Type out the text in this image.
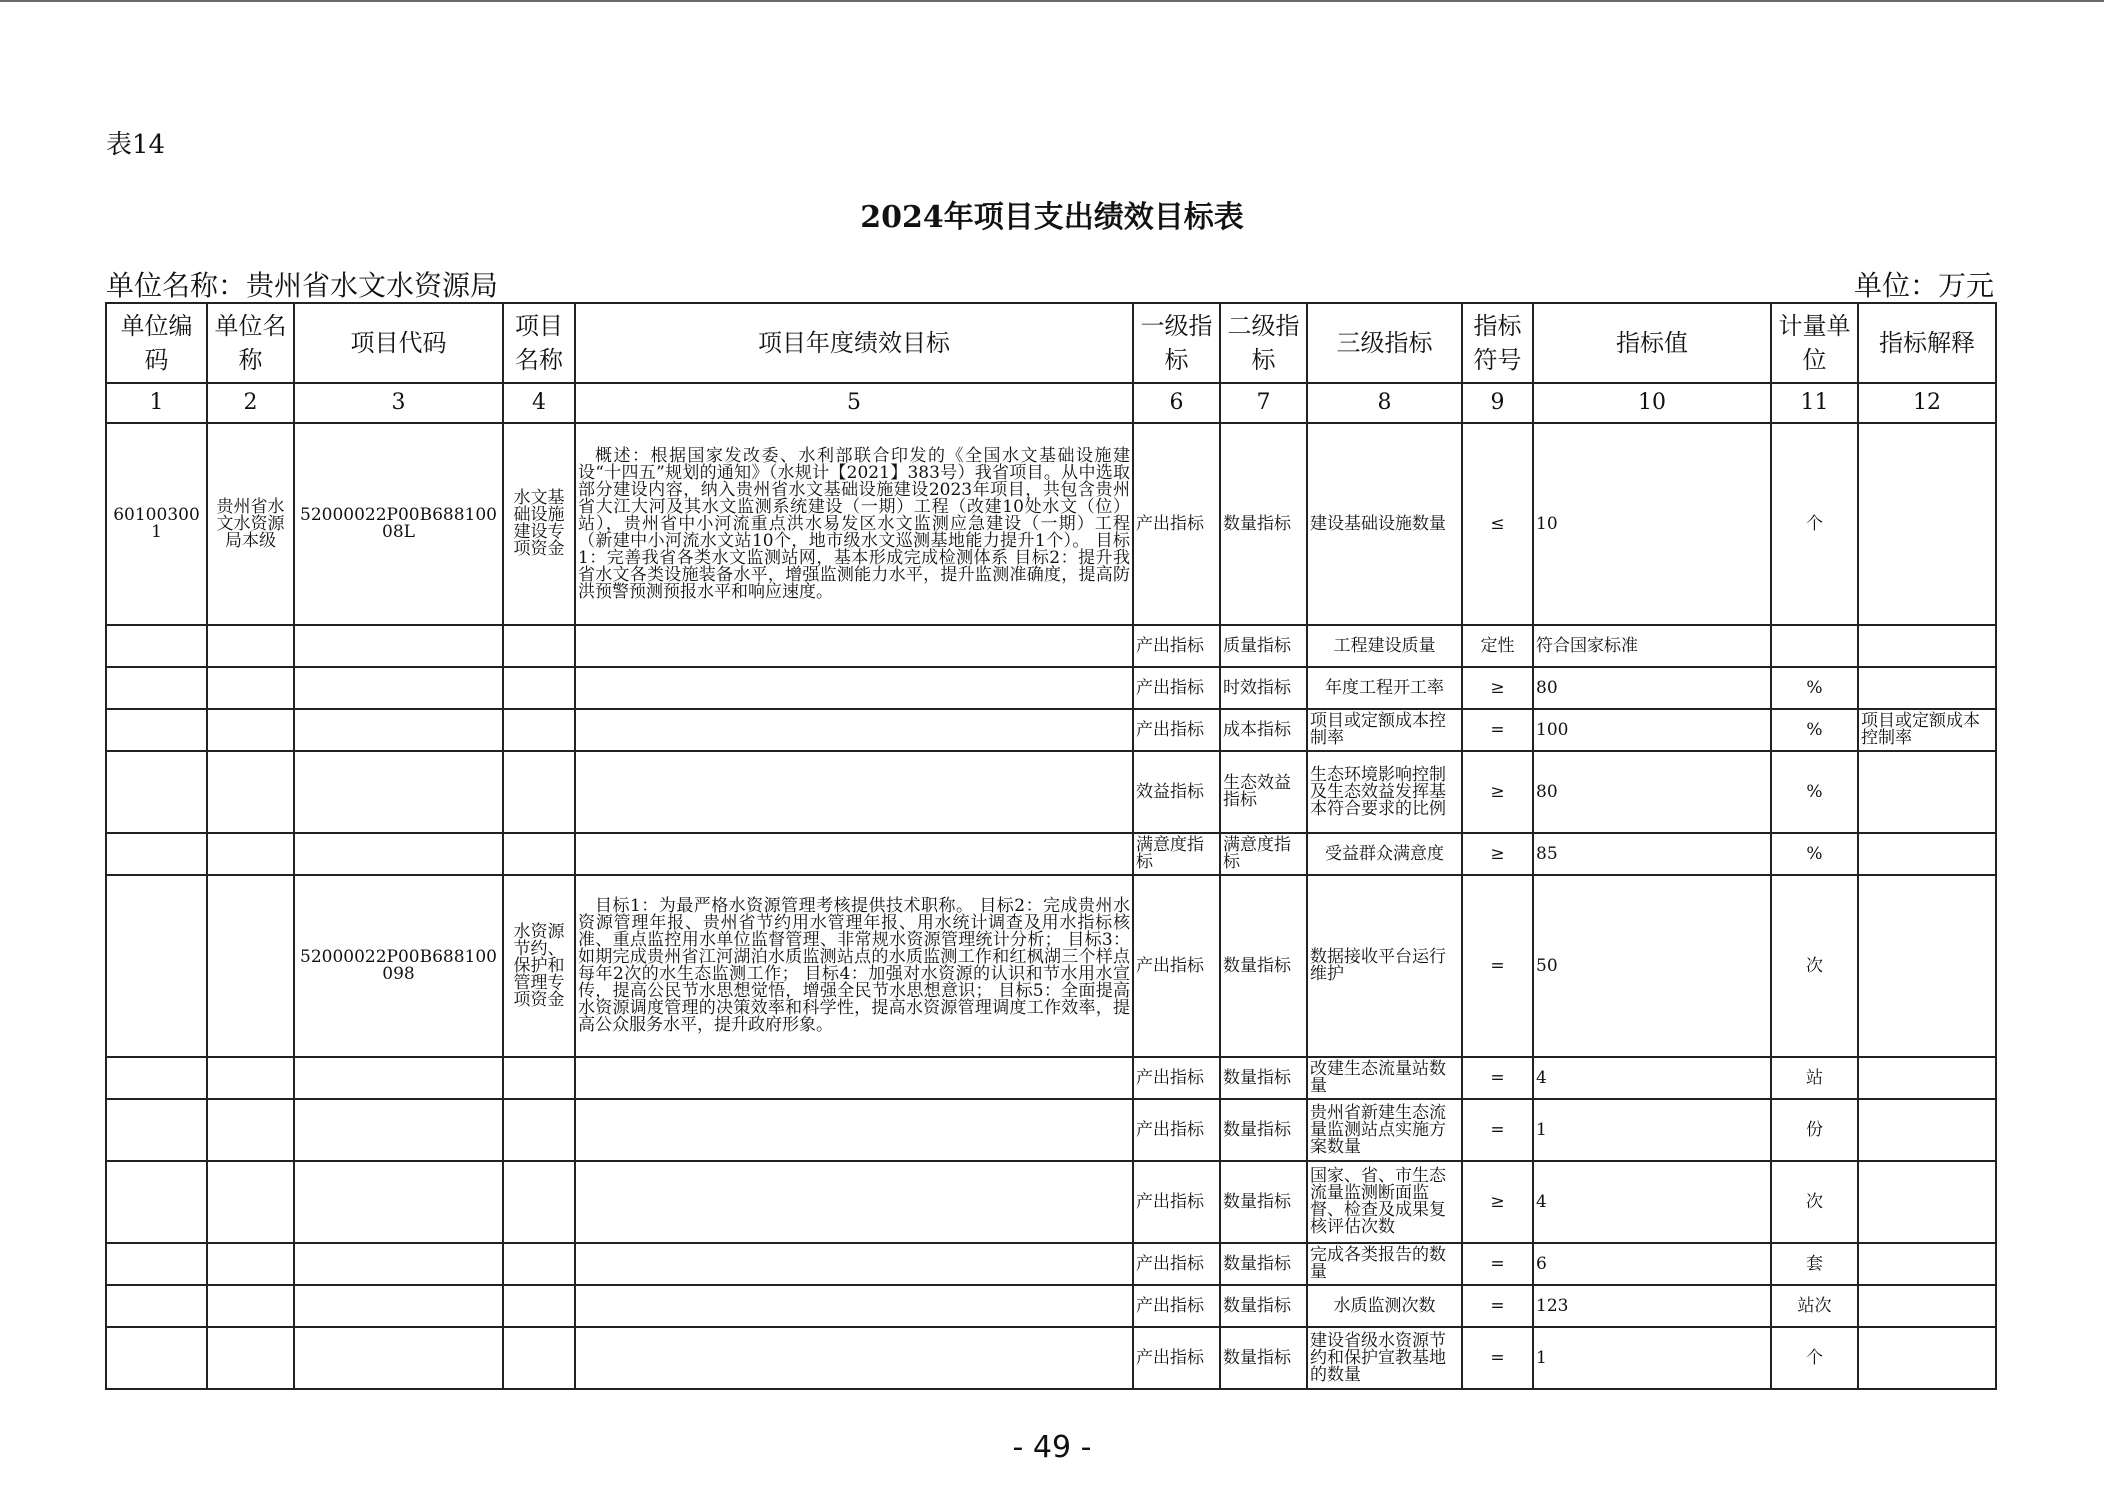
表14
2024年项目支出绩效目标表
单位名称：贵州省水文水资源局	单位：万元
单位编码	单位名称	项目代码	项目名称	项目年度绩效目标	一级指标	二级指标	三级指标	指标符号	指标值	计量单位	指标解释
1	2	3	4	5	6	7	8	9	10	11	12
601003001	贵州省水文水资源局本级	52000022P00B68810008L	水文基础设施建设专项资金	概述：根据国家发改委、水利部联合印发的《全国水文基础设施建设“十四五”规划的通知》（水规计【2021】383号）我省项目。从中选取部分建设内容，纳入贵州省水文基础设施建设2023年项目，共包含贵州省大江大河及其水文监测系统建设（一期）工程（改建10处水文（位）站），贵州省中小河流重点洪水易发区水文监测应急建设（一期）工程（新建中小河流水文站10个，地市级水文巡测基地能力提升1个）。 目标1：完善我省各类水文监测站网，基本形成完成检测体系 目标2：提升我省水文各类设施装备水平，增强监测能力水平，提升监测准确度，提高防洪预警预测预报水平和响应速度。	产出指标	数量指标	建设基础设施数量	≤	10	个	
					产出指标	质量指标	工程建设质量	定性	符合国家标准		
					产出指标	时效指标	年度工程开工率	≥	80	%	
					产出指标	成本指标	项目或定额成本控制率	=	100	%	项目或定额成本控制率
					效益指标	生态效益指标	生态环境影响控制及生态效益发挥基本符合要求的比例	≥	80	%	
					满意度指标	满意度指标	受益群众满意度	≥	85	%	
		52000022P00B688100098	水资源节约、保护和管理专项资金	目标1：为最严格水资源管理考核提供技术职称。 目标2：完成贵州水资源管理年报、贵州省节约用水管理年报、用水统计调查及用水指标核准、重点监控用水单位监督管理、非常规水资源管理统计分析； 目标3：如期完成贵州省江河湖泊水质监测站点的水质监测工作和红枫湖三个样点每年2次的水生态监测工作； 目标4：加强对水资源的认识和节水用水宣传，提高公民节水思想觉悟，增强全民节水思想意识； 目标5：全面提高水资源调度管理的决策效率和科学性，提高水资源管理调度工作效率，提高公众服务水平，提升政府形象。	产出指标	数量指标	数据接收平台运行维护	=	50	次	
					产出指标	数量指标	改建生态流量站数量	=	4	站	
					产出指标	数量指标	贵州省新建生态流量监测站点实施方案数量	=	1	份	
					产出指标	数量指标	国家、省、市生态流量监测断面监督、检查及成果复核评估次数	≥	4	次	
					产出指标	数量指标	完成各类报告的数量	=	6	套	
					产出指标	数量指标	水质监测次数	=	123	站次	
					产出指标	数量指标	建设省级水资源节约和保护宣教基地的数量	=	1	个	
- 49 -
